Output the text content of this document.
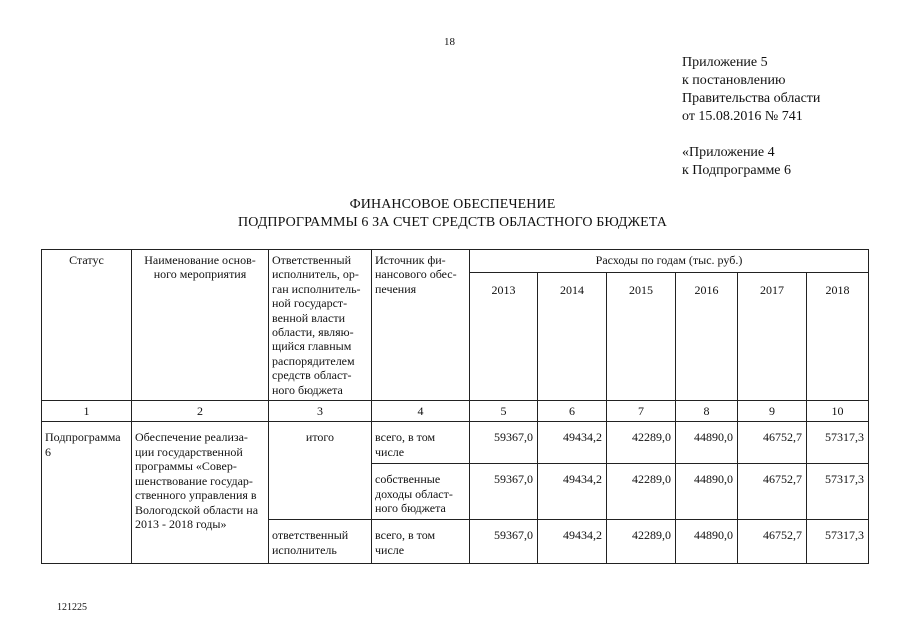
18
Приложение 5
к постановлению
Правительства области
от 15.08.2016 № 741
«Приложение 4
к Подпрограмме 6
ФИНАНСОВОЕ ОБЕСПЕЧЕНИЕ
ПОДПРОГРАММЫ 6 ЗА СЧЕТ СРЕДСТВ ОБЛАСТНОГО БЮДЖЕТА
Статус	Наименование основ-ного мероприятия	Ответственный исполнитель, ор-ган исполнитель-ной государст-венной власти области, являю-щийся главным распорядителем средств област-ного бюджета	Источник фи-нансового обес-печения	Расходы по годам (тыс. руб.)					
				2013	2014	2015	2016	2017	2018
1	2	3	4	5	6	7	8	9	10
Подпрограмма 6	Обеспечение реализа-ции государственной программы «Совер-шенствование государ-ственного управления в Вологодской области на 2013 - 2018 годы»	итого	всего, в том числе	59367,0	49434,2	42289,0	44890,0	46752,7	57317,3
			собственные доходы област-ного бюджета	59367,0	49434,2	42289,0	44890,0	46752,7	57317,3
		ответственный исполнитель	всего, в том числе	59367,0	49434,2	42289,0	44890,0	46752,7	57317,3
121225
